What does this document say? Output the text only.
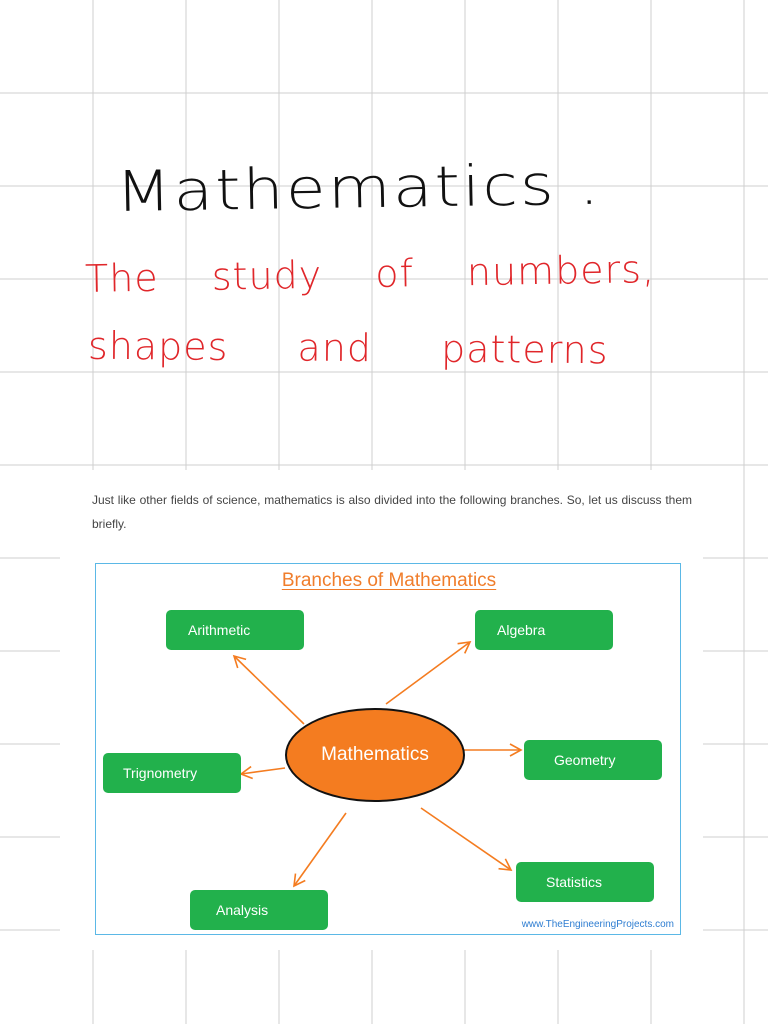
Mathematics .
The study of numbers,
shapes and patterns
Just like other fields of science, mathematics is also divided into the following branches. So, let us discuss them briefly.
Branches of Mathematics
Arithmetic	Algebra
Geometry
Trignometry
Statistics
Analysis
Mathematics
www.TheEngineeringProjects.com
